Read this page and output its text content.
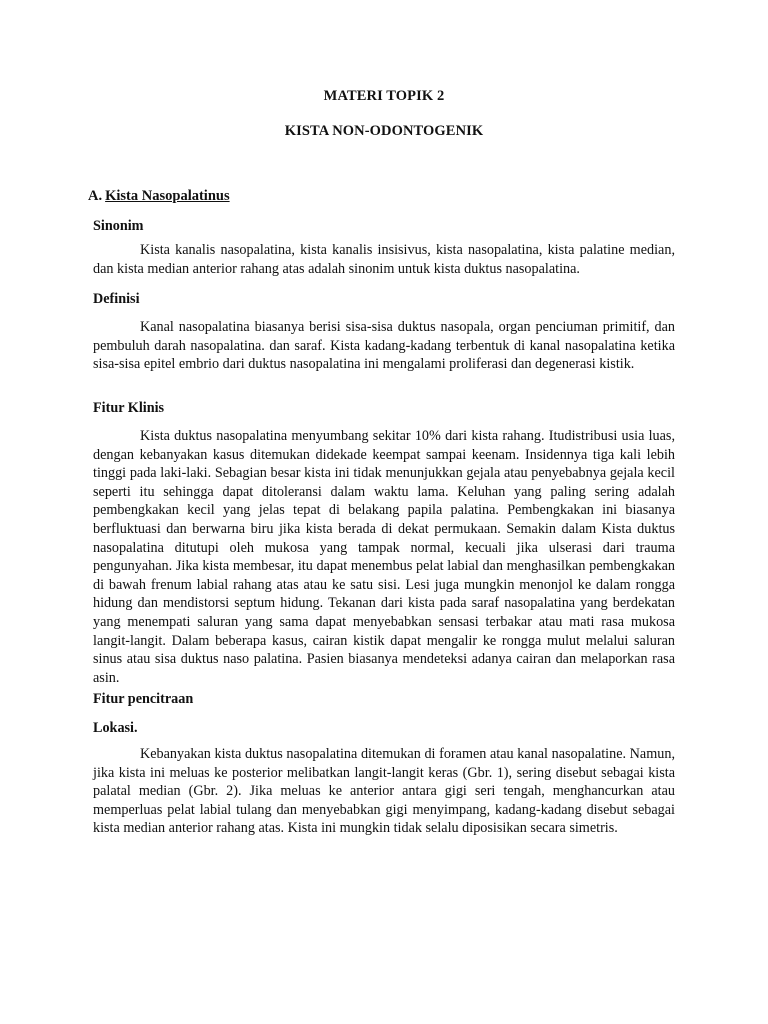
MATERI TOPIK 2
KISTA NON-ODONTOGENIK
A. Kista Nasopalatinus
Sinonim

Kista kanalis nasopalatina, kista kanalis insisivus, kista nasopalatina, kista palatine median, dan kista median anterior rahang atas adalah sinonim untuk kista duktus nasopalatina.

Definisi

Kanal nasopalatina biasanya berisi sisa-sisa duktus nasopala, organ penciuman primitif, dan pembuluh darah nasopalatina. dan saraf. Kista kadang-kadang terbentuk di kanal nasopalatina ketika sisa-sisa epitel embrio dari duktus nasopalatina ini mengalami proliferasi dan degenerasi kistik.

Fitur Klinis

Kista duktus nasopalatina menyumbang sekitar 10% dari kista rahang. Itudistribusi usia luas, dengan kebanyakan kasus ditemukan didekade keempat sampai keenam. Insidennya tiga kali lebih tinggi pada laki-laki. Sebagian besar kista ini tidak menunjukkan gejala atau penyebabnya gejala kecil seperti itu sehingga dapat ditoleransi dalam waktu lama. Keluhan yang paling sering adalah pembengkakan kecil yang jelas tepat di belakang papila palatina. Pembengkakan ini biasanya berfluktuasi dan berwarna biru jika kista berada di dekat permukaan. Semakin dalam Kista duktus nasopalatina ditutupi oleh mukosa yang tampak normal, kecuali jika ulserasi dari trauma pengunyahan. Jika kista membesar, itu dapat menembus pelat labial dan menghasilkan pembengkakan di bawah frenum labial rahang atas atau ke satu sisi. Lesi juga mungkin menonjol ke dalam rongga hidung dan mendistorsi septum hidung. Tekanan dari kista pada saraf nasopalatina yang berdekatan yang menempati saluran yang sama dapat menyebabkan sensasi terbakar atau mati rasa mukosa langit-langit. Dalam beberapa kasus, cairan kistik dapat mengalir ke rongga mulut melalui saluran sinus atau sisa duktus naso palatina. Pasien biasanya mendeteksi adanya cairan dan melaporkan rasa asin.

Fitur pencitraan
Lokasi.

Kebanyakan kista duktus nasopalatina ditemukan di foramen atau kanal nasopalatine. Namun, jika kista ini meluas ke posterior melibatkan langit-langit keras (Gbr. 1), sering disebut sebagai kista palatal median (Gbr. 2). Jika meluas ke anterior antara gigi seri tengah, menghancurkan atau memperluas pelat labial tulang dan menyebabkan gigi menyimpang, kadang-kadang disebut sebagai kista median anterior rahang atas. Kista ini mungkin tidak selalu diposisikan secara simetris.
